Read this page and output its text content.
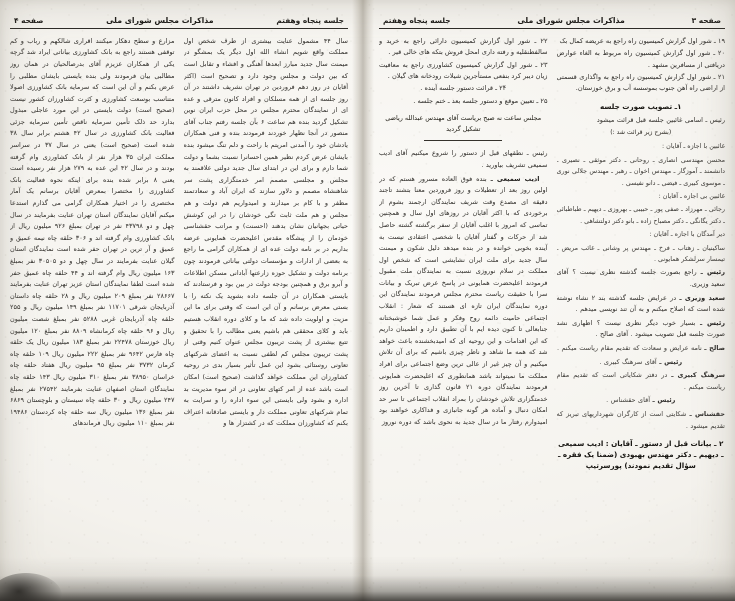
صفحه ۳
مذاکرات مجلس شورای ملی
جلسه پنجاه وهفتم

۱۹ ـ شور اول گزارش کمیسیون راه راجع به عریضه کمال بک

۲۰ ـ شور اول گزارش کمیسیون راه مربوط به الغاء عوارض دریافتی از مسافرین مشهد .

۲۱ ـ شور اول گزارش کمیسیون راه راجع به واگذاری قسمتی از اراضی راه آهن جنوب بموسسه آب و برق خوزستان.

۱ـ تصویب صورت جلسه

رئیس ـ اسامی غائبین جلسه قبل قرائت میشود

(بشرح زیر قرائت شد :)

غائبین با اجازه ـ آقایان :

محسن مهندسی انصاری ـ روحانی ـ دکتر موثقی ـ نصیری ـ دانشمند ـ آموزگار ـ مهندس اخوان ـ رهبر ـ مهندس جلالی نوری ـ موسوی کبیری ـ فیضی ـ دانو نفیسی .

غائبین بی اجازه ـ آقایان :

رجائی ـ مهرزاد ـ صفی پور ـ حبیبی ـ بهروزی ـ دیهیم ـ طباطبائی ـ دکتر یگانگی ـ دکتر مصباح زاده ـ بانو دکتر دولتشاهی .

دیر آمدگان با اجازه ـ آقایان :

ساکینیان ـ زهتاب ـ فرخ ـ مهندس پر وشانی ـ غائب مریض ـ تیمسار سرلشکر همایونی .

رئیس ـ راجع بصورت جلسه گذشته نظری نیست ؟ آقای سعید وزیری.

سعید وزیری ـ در عرایض جلسه گذشته بند ۲ نشاء نوشته شده است که اصلاح میکنم و به آن تند نویسی میدهم .

رئیس ـ بسیار خوب دیگر نظری نیست ؟ اظهاری نشد صورت جلسه قبل تصویب میشود . آقای صالح .

صالح ـ نامه عرایض و سعادت که تقدیم مقام ریاست میکنم .

رئیس ـ آقای سرهنگ کبیری .

سرهنگ کبیری ـ در دفتر شکایاتی است که تقدیم مقام ریاست میکنم .

رئیس ـ آقای حقشناس .

حقشناس ـ شکایتی است از کارگران شهرداریهای تبریز که تقدیم میشود .

۲ ـ بیانات قبل از دستور ـ آقایان : ادیب سمیعی ـ دیهیم ـ دکتر مهندس بهبودی (ضمنا یک فقره ـ سؤال تقدیم نمودند) پورسرتیپ

۲۲ ـ شور اول گزارش کمیسیون دارائی راجع به خرید و سالفطنقلیه و رفته داری امحل فروش بتکه های خالی قیر .

۲۳ ـ شور اول گزارش کمیسیون کشاورزی راجع به معافیت زیان دیبر کرد بنفعی مستأجرین شیلات رودخانه های گیلان .

۲۴ ـ قرائت دستور جلسه آینده .

۲۵ ـ تعیین موقع و دستور جلسه بعد ـ ختم جلسه .

مجلس ساعت نه صبح بریاست آقای مهندس عبدالله ریاضی تشکیل گردید

رئیس ـ نطقهای قبل از دستور را شروع میکنیم آقای ادیب سمیعی تشریف بیاورید .

ادیب سمیعی ـ بنده فوق العاده مسرور هستم که در اولین روز بعد از تعطیلات و روز فروردین معنا بتشند تاجند دقیقه ای مصدع وقت شریف نمایندگان ارجمند بشوم از برخوردی که با اکثر آقایان در روزهای اول سال و همچنین تماسی که امروز با اغلب آقایان از سفر برگشته گشته حاصل شد از حرکات و گفتار آقایان با شخصی اعتقادی نیست به آینده بخوبی خوانده و در بنده میدهد دلیل شکون و میمنت سال جدید برای ملت ایران نشایشی است که شخص اول مملکت در سلام نوروزی نسبت به نمایندگان ملت مقبول فرمودند اعلیحضرت همایونی در پاسخ عرض تبریک و بیانات سرا با حقیقت ریاست محترم مجلس فرمودند نمایندگان این دوره نمایندگان ایران تازه ای هستند که شعار : انقلاب اجتماعی حامیت دائمه روح وفکر و عمل شما خوشبختانه جنابعالی تا کنون دیده ایم با آن تطبیق دارد و اطمینان داریم که این اقدامات و این روحیه ای که امیدبخشنده باعث خواهد شد که همه ما شاهد و ناظر چیزی باشیم که برای آن تلاش میکنیم و آن چیز غیر از عالی ترین وضع اجتماعی برای افراد مملکت ما نمیتواند باشد همانطوری که اعلیحضرت همایونی فرمودند نمایندگان دوره ۲۱ قانون گذاری تا آخرین روز خدمتگزاری تلاش خودشان را بمراد انقلاب اجتماعی تا سر حد امکان دنبال و آماده هر گونه جانبازی و فداکاری خواهند بود امیدوارم رفتار ما در سال جدید به نحوی باشد که دوره نوروز

جلسه پنجاه وهفتم
مذاکرات مجلس شورای ملی
صفحه ۴

سال ۴۴ مشمول عنایت بیشتری از طرف شخص اول مملکت واقع شویم انشاء الله اول دیگر یک بمشگو در میمنت سال جدید مبارز ابعدها آهنگی و افشاء و تقابل است که بین دولت و مجلس وجود دارد و تصحیح است (اکثر آقایان در روز دهم فروردین در تهران نشریف داشتند در آن روز جلسه ای از همه مسلکان و افراد کانون مترقی و عده ای از نمایندگان محترم مجلس در محل حزب ایران نوین تشکیل گردید بنده هم ساعت ۶ بآن جلسه رفتم جناب آقای منصور در آنجا نظهار خوردند فرمودند بنده و فنی همکاران یادشان خود را آمدنی امریتم با راحت و دلم تنگ میشود بنده بایشان عرض کردم نظیر همین احسانرا نسبت بشما و دولت شما دارم و برای این در ابتدای سال جدید دولتی علاقمند به مجلس و مجلسی مصمم امر خدمتگزاری پشت سر شاهنشاه مصمم و دلاور سازند که ایران آباد و سعادتمند مظفر و با کام بر میدارند و امیدواریم هم دولت و هم مجلس و هم ملت ثابت تگی خودشان را در این کوشش حیاتی بجهانیان نشان بدهند (احسنت) و مراتب حقشناسی خودمان را از پیشگاه مقدس اعلیحضرت همایونی عرضه بداریم در بر نامه دولت عده ای از همکاران گرامی ما راجع به بعضی از ادارات و مؤسسات دولتی بیاناتی فرمودند چون برنامه دولت و تشکیل حوزه زارعتها آبادانی مسکن اطلاعات و آبرو برق و همچنین بودجه دولت در بین بود و فرستادند که بایستی همکاران در آن جلسه داده بشوید یک نکته را با بستی معرض برسانم و آن این است که وقتی برای ما این مزیت و اولویت داده شد که ما و کلای دوره انقلاب هستیم باید و کلای محققی هم باشیم یعنی مطالب را با تحقیق و تتبع بیشتری از پشت تریبون مجلس عنوان کنیم وقتی از پشت تریبون مجلس کم لطفی نسبت به اعضای شرکتهای تعاونی روستائی بشود این عمل تأثیر بسیار بدی در روحیه کشاورزان این مملکت خواهد گذاشت (صحیح است) امکان است باشد عده از امر کتهای تعاونی در اثر سوء مدیریت بد اداره و بشود ولی بایستی این سوء اداره را و سرایت به تمام شرکتهای تعاونی مملکت دار و بایستی صادقانه اعتراف بکنم که کشاورزان مملکت که در کشتزار ها و

مزارع و سطح دهکار میکنند اقراری شالکهم و رباب و کم توقفی هستند راجع به بانک کشاورزی بیاناتی ایراد شد گرچه یکی از همکاران عزیزم آقای بدرصالحیان در همان روز مطالبی بیان فرمودند ولی بنده بایستی بایشان مطلبی را عرض بکنم و آن این است که سرمایه بانک کشاورزی اصولا متناسب بوسعت کشاورزی و کثرت کشاورزان کشور نیست (صحیح است) دولت بایستی در این مورد عاجلی مبذول بدارد حد ذلک تأمین سرمایه ناقص تأمین سرمایه جزئی فعالیت بانک کشاورزی در سال ۴۲ هشتم برابر سال ۳۸ شده است (صحیح است) یعنی در سال ۳۷ در سراسر مملکت ایران ۳۵ هزار نفر از بانک کشاورزی وام گرفته بودند و در سال ۴۲ این عده به ۲۷۹ هزار نفر رسیده است یعنی ۸ برابر شده بنده برای اینکه نحوه فعالیت بانک کشاورزی را مختصرا بمعرض آقایان برسانم یک آمار مختصری را در اختیار همکاران گرامی می گذارم استدعا میکنم آقایان نمایندگان استان تهران عنایت بفرمایند در سال چهل و دو ۴۳۷۹۸ نفر در تهران بمبلغ ۹۲۶ میلیون ریال از بانک کشاورزی وام گرفته اند و ۳۰۶ حلقه چاه نیمه عمیق و عمیق و آر ترین در تهران حفر شده است نمایندگان استان گیلان عنایت بفرمایند در سال چهل و دو ۳۰۵۰۵ نفر بمبلغ ۱۶۳ میلیون ریال وام گرفته اند و ۴۴ حلقه چاه عمیق حفر شده است لطفا نمایندگان استان عزیز تهران عنایت بفرمایند ۲۸۶۶۷ نفر بمبلغ ۲۰۹ میلیون ریال و ۲۸ حلقه چاه داستان آذربایجان شرقی ۱۱۷۰۱ نفر بمبلغ ۱۴۹ میلیون ریال و ۲۵۵ حلقه چاه آذربایجان غربی ۵۲۸۸ نفر بمبلغ شصت میلیون ریال و ۹۶ حلقه چاه کرمانشاه ۸۸۰۹ نفر بمبلغ ۱۲۰ میلیون ریال خوزستان ۲۲۴۷۸ نفر بمبلغ ۱۸۳ میلیون ریال یک حلقه چاه فارس ۹۶۴۲ نفر بمبلغ ۲۲۲ میلیون ریال ۱۰۹ حلقه چاه کرمان ۳۷۳۲ نفر بمبلغ ۹۵ میلیون ریال هفتاد حلقه چاه خراسان ۳۸۹۵۰ نفر بمبلغ ۳۱۰ میلیون ریال ۱۴۳ حلقه چاه نمایندگان استان اصفهان عنایت بفرمایند ۲۷۵۴۲ نفر بمبلغ ۲۴۷ میلیون ریال و ۳۰ حلقه چاه سیستان و بلوچستان ۶۸۶۹ نفر بمبلغ ۱۳۶ میلیون ریال سه حلقه چاه کردستان ۱۹۴۸۶ نفر بمبلغ ۱۱۰ میلیون ریال فرماندهای
